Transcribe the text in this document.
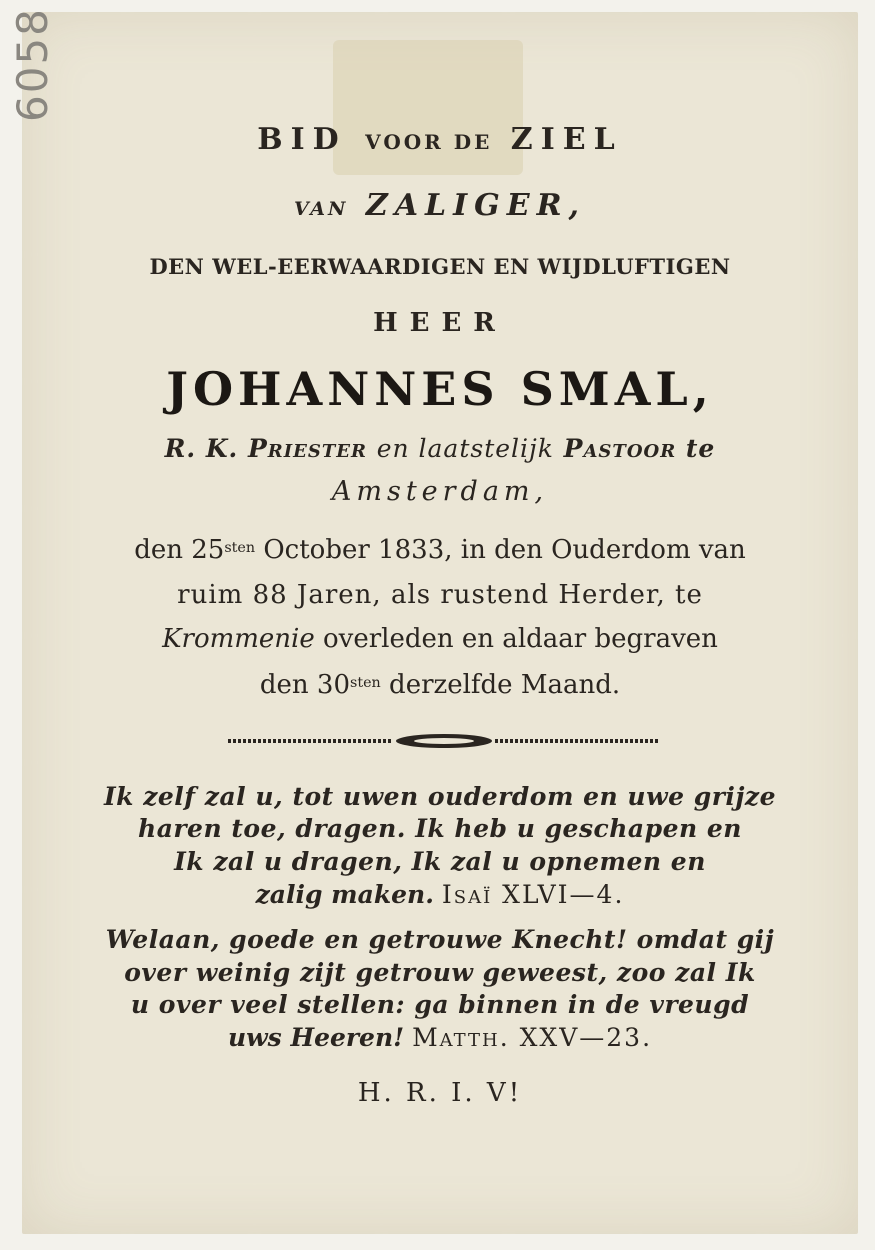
6058
BID VOOR DE ZIEL
VAN ZALIGER,
DEN WEL-EERWAARDIGEN EN WIJDLUFTIGEN
HEER
JOHANNES SMAL,
R. K. Priester en laatstelijk Pastoor te
Amsterdam,
den $25^{sten}$ October 1833, in den Ouderdom van
ruim 88 Jaren, als rustend Herder, te
Krommenie overleden en aldaar begraven
den $30^{sten}$ derzelfde Maand.
Ik zelf zal u, tot uwen ouderdom en uwe grijze
haren toe, dragen. Ik heb u geschapen en
Ik zal u dragen, Ik zal u opnemen en
zalig maken. Isaï XLVI—4.
Welaan, goede en getrouwe Knecht! omdat gij
over weinig zijt getrouw geweest, zoo zal Ik
u over veel stellen: ga binnen in de vreugd
uws Heeren! Matth. XXV—23.
H. R. I. V!
